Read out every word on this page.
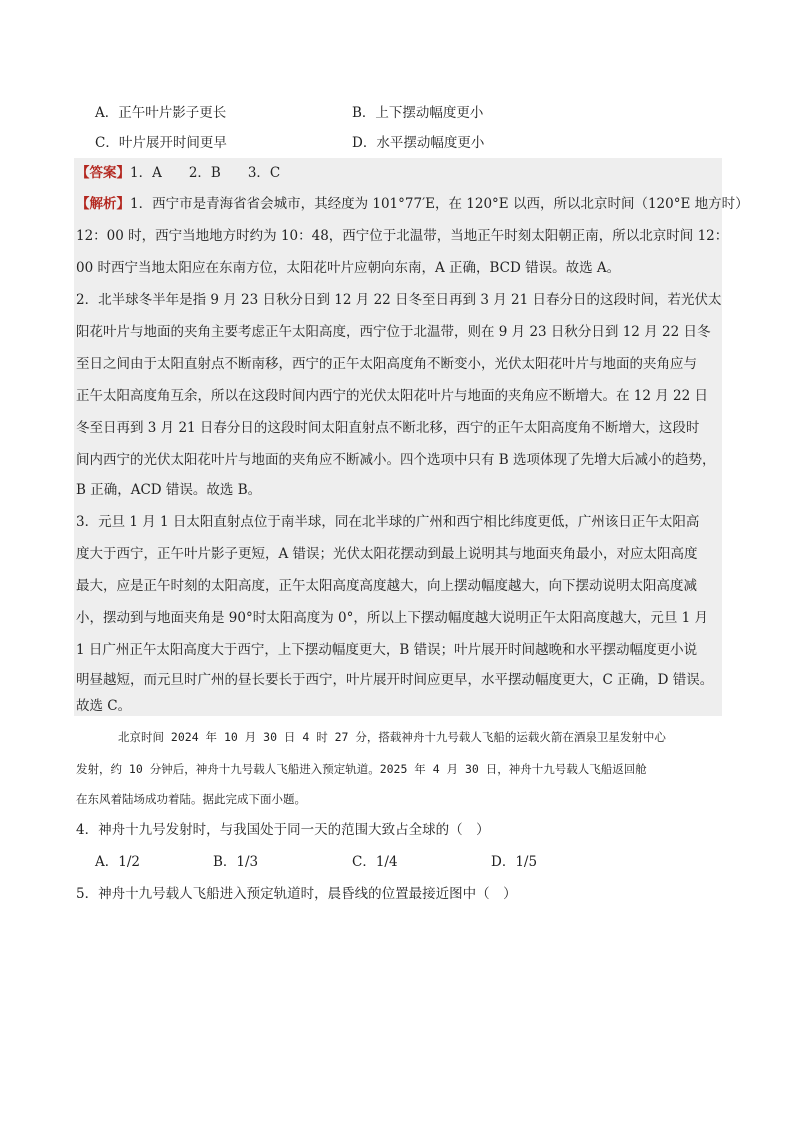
A．正午叶片影子更长	B．上下摆动幅度更小
C．叶片展开时间更早	D．水平摆动幅度更小
【答案】1．A　　2．B　　3．C
【解析】1．西宁市是青海省省会城市，其经度为 101°77′E，在 120°E 以西，所以北京时间（120°E 地方时）
12：00 时，西宁当地地方时约为 10：48，西宁位于北温带，当地正午时刻太阳朝正南，所以北京时间 12：
00 时西宁当地太阳应在东南方位，太阳花叶片应朝向东南，A 正确，BCD 错误。故选 A。
2．北半球冬半年是指 9 月 23 日秋分日到 12 月 22 日冬至日再到 3 月 21 日春分日的这段时间，若光伏太
阳花叶片与地面的夹角主要考虑正午太阳高度，西宁位于北温带，则在 9 月 23 日秋分日到 12 月 22 日冬
至日之间由于太阳直射点不断南移，西宁的正午太阳高度角不断变小，光伏太阳花叶片与地面的夹角应与
正午太阳高度角互余，所以在这段时间内西宁的光伏太阳花叶片与地面的夹角应不断增大。在 12 月 22 日
冬至日再到 3 月 21 日春分日的这段时间太阳直射点不断北移，西宁的正午太阳高度角不断增大，这段时
间内西宁的光伏太阳花叶片与地面的夹角应不断减小。四个选项中只有 B 选项体现了先增大后减小的趋势，
B 正确，ACD 错误。故选 B。
3．元旦 1 月 1 日太阳直射点位于南半球，同在北半球的广州和西宁相比纬度更低，广州该日正午太阳高
度大于西宁，正午叶片影子更短，A 错误；光伏太阳花摆动到最上说明其与地面夹角最小，对应太阳高度
最大，应是正午时刻的太阳高度，正午太阳高度高度越大，向上摆动幅度越大，向下摆动说明太阳高度减
小，摆动到与地面夹角是 90°时太阳高度为 0°，所以上下摆动幅度越大说明正午太阳高度越大，元旦 1 月
1 日广州正午太阳高度大于西宁，上下摆动幅度更大，B 错误；叶片展开时间越晚和水平摆动幅度更小说
明昼越短，而元旦时广州的昼长要长于西宁，叶片展开时间应更早，水平摆动幅度更大，C 正确，D 错误。
故选 C。
北京时间 2024 年 10 月 30 日 4 时 27 分，搭载神舟十九号载人飞船的运载火箭在酒泉卫星发射中心
发射，约 10 分钟后，神舟十九号载人飞船进入预定轨道。2025 年 4 月 30 日，神舟十九号载人飞船返回舱
在东风着陆场成功着陆。据此完成下面小题。
4．神舟十九号发射时，与我国处于同一天的范围大致占全球的（　）
A．1/2	B．1/3	C．1/4	D．1/5
5．神舟十九号载人飞船进入预定轨道时，晨昏线的位置最接近图中（　）
